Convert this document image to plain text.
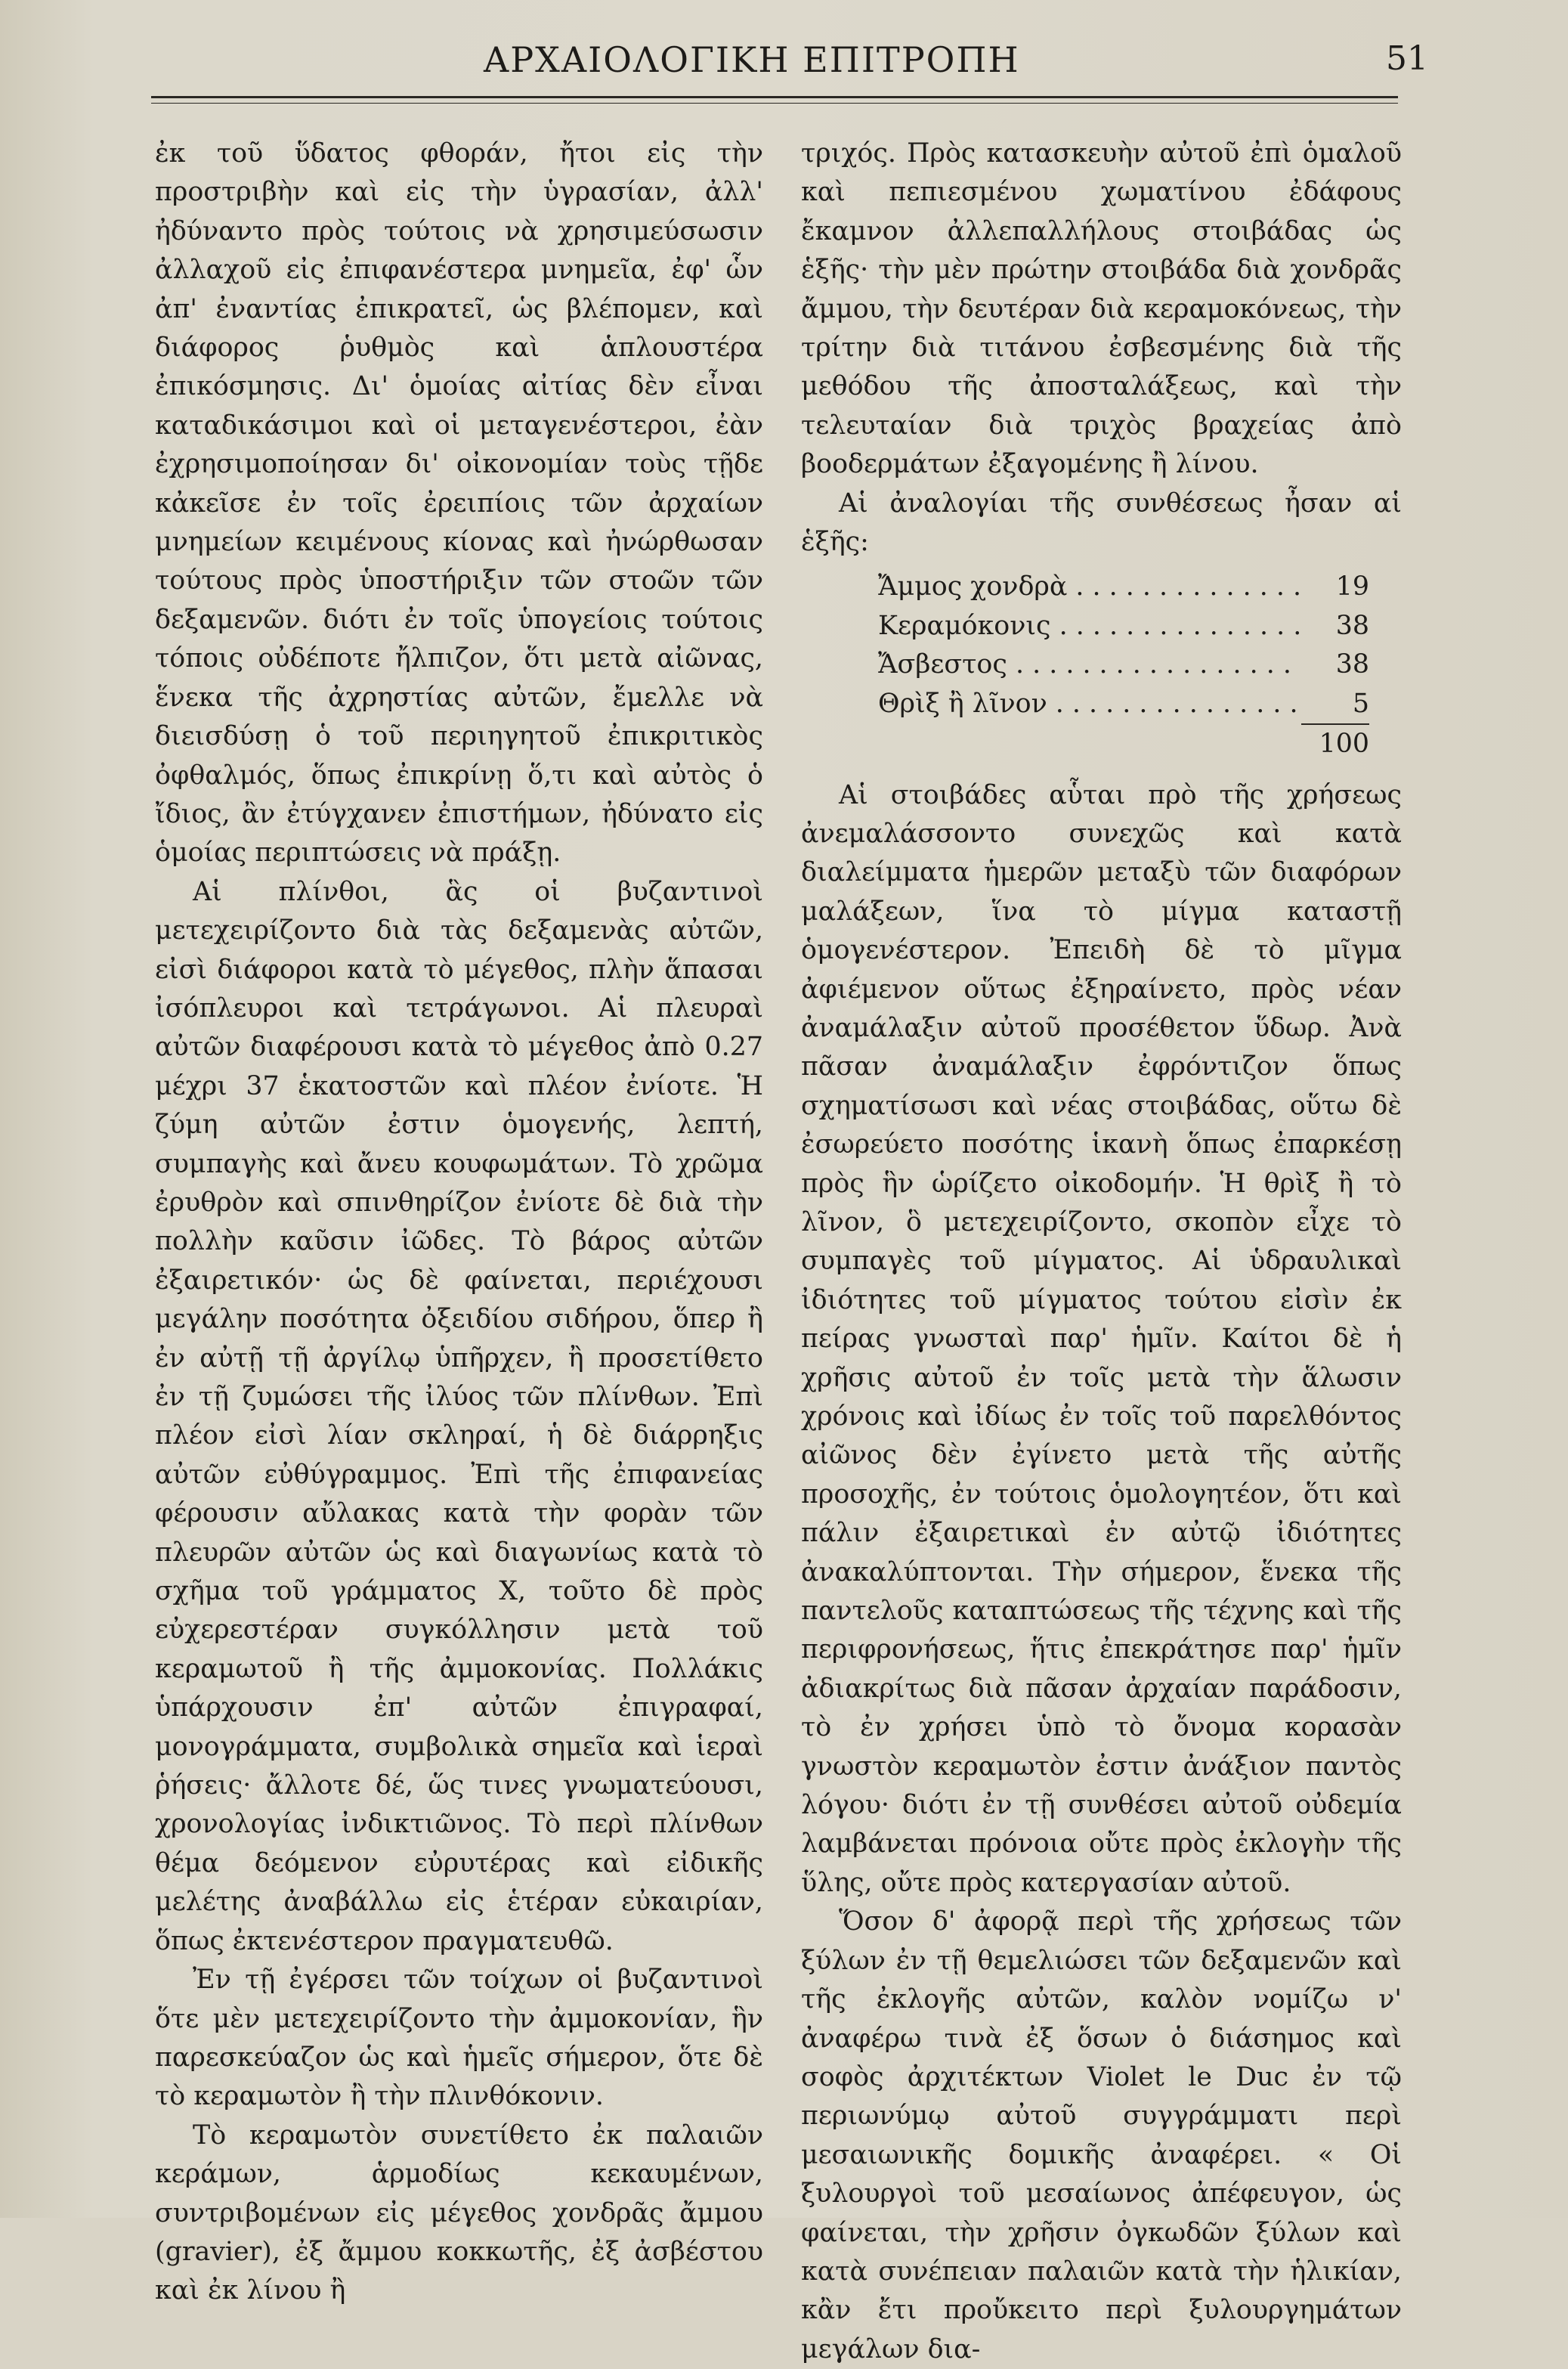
ΑΡΧΑΙΟΛΟΓΙΚΗ ΕΠΙΤΡΟΠΗ	51

ἐκ τοῦ ὕδατος φθοράν, ἤτοι εἰς τὴν προστριβὴν καὶ εἰς τὴν ὑγρασίαν, ἀλλ' ἠδύναντο πρὸς τούτοις νὰ χρησιμεύσωσιν ἀλλαχοῦ εἰς ἐπιφανέστερα μνημεῖα, ἐφ' ὧν ἀπ' ἐναντίας ἐπικρατεῖ, ὡς βλέπομεν, καὶ διάφορος ῥυθμὸς καὶ ἁπλουστέρα ἐπικόσμησις. Δι' ὁμοίας αἰτίας δὲν εἶναι καταδικάσιμοι καὶ οἱ μεταγενέστεροι, ἐὰν ἐχρησιμοποίησαν δι' οἰκονομίαν τοὺς τῇδε κἀκεῖσε ἐν τοῖς ἐρειπίοις τῶν ἀρχαίων μνημείων κειμένους κίονας καὶ ἠνώρθωσαν τούτους πρὸς ὑποστήριξιν τῶν στοῶν τῶν δεξαμενῶν. διότι ἐν τοῖς ὑπογείοις τούτοις τόποις οὐδέποτε ἤλπιζον, ὅτι μετὰ αἰῶνας, ἕνεκα τῆς ἀχρηστίας αὐτῶν, ἔμελλε νὰ διεισδύσῃ ὁ τοῦ περιηγητοῦ ἐπικριτικὸς ὀφθαλμός, ὅπως ἐπικρίνῃ ὅ,τι καὶ αὐτὸς ὁ ἴδιος, ἂν ἐτύγχανεν ἐπιστήμων, ἠδύνατο εἰς ὁμοίας περιπτώσεις νὰ πράξῃ.

Αἱ πλίνθοι, ἃς οἱ βυζαντινοὶ μετεχειρίζοντο διὰ τὰς δεξαμενὰς αὐτῶν, εἰσὶ διάφοροι κατὰ τὸ μέγεθος, πλὴν ἅπασαι ἰσόπλευροι καὶ τετράγωνοι. Αἱ πλευραὶ αὐτῶν διαφέρουσι κατὰ τὸ μέγεθος ἀπὸ 0.27 μέχρι 37 ἑκατοστῶν καὶ πλέον ἐνίοτε. Ἡ ζύμη αὐτῶν ἐστιν ὁμογενής, λεπτή, συμπαγὴς καὶ ἄνευ κουφωμάτων. Τὸ χρῶμα ἐρυθρὸν καὶ σπινθηρίζον ἐνίοτε δὲ διὰ τὴν πολλὴν καῦσιν ἰῶδες. Τὸ βάρος αὐτῶν ἐξαιρετικόν· ὡς δὲ φαίνεται, περιέχουσι μεγάλην ποσότητα ὀξειδίου σιδήρου, ὅπερ ἢ ἐν αὐτῇ τῇ ἀργίλῳ ὑπῆρχεν, ἢ προσετίθετο ἐν τῇ ζυμώσει τῆς ἰλύος τῶν πλίνθων. Ἐπὶ πλέον εἰσὶ λίαν σκληραί, ἡ δὲ διάρρηξις αὐτῶν εὐθύγραμμος. Ἐπὶ τῆς ἐπιφανείας φέρουσιν αὔλακας κατὰ τὴν φορὰν τῶν πλευρῶν αὐτῶν ὡς καὶ διαγωνίως κατὰ τὸ σχῆμα τοῦ γράμματος Χ, τοῦτο δὲ πρὸς εὐχερεστέραν συγκόλλησιν μετὰ τοῦ κεραμωτοῦ ἢ τῆς ἀμμοκονίας. Πολλάκις ὑπάρχουσιν ἐπ' αὐτῶν ἐπιγραφαί, μονογράμματα, συμβολικὰ σημεῖα καὶ ἱεραὶ ῥήσεις· ἄλλοτε δέ, ὥς τινες γνωματεύουσι, χρονολογίας ἰνδικτιῶνος. Τὸ περὶ πλίνθων θέμα δεόμενον εὐρυτέρας καὶ εἰδικῆς μελέτης ἀναβάλλω εἰς ἑτέραν εὐκαιρίαν, ὅπως ἐκτενέστερον πραγματευθῶ.

Ἐν τῇ ἐγέρσει τῶν τοίχων οἱ βυζαντινοὶ ὅτε μὲν μετεχειρίζοντο τὴν ἀμμοκονίαν, ἣν παρεσκεύαζον ὡς καὶ ἡμεῖς σήμερον, ὅτε δὲ τὸ κεραμωτὸν ἢ τὴν πλινθόκονιν.

Τὸ κεραμωτὸν συνετίθετο ἐκ παλαιῶν κεράμων, ἁρμοδίως κεκαυμένων, συντριβομένων εἰς μέγεθος χονδρᾶς ἄμμου (gravier), ἐξ ἄμμου κοκκωτῆς, ἐξ ἀσβέστου καὶ ἐκ λίνου ἢ

τριχός. Πρὸς κατασκευὴν αὐτοῦ ἐπὶ ὁμαλοῦ καὶ πεπιεσμένου χωματίνου ἐδάφους ἔκαμνον ἀλλεπαλλήλους στοιβάδας ὡς ἑξῆς· τὴν μὲν πρώτην στοιβάδα διὰ χονδρᾶς ἄμμου, τὴν δευτέραν διὰ κεραμοκόνεως, τὴν τρίτην διὰ τιτάνου ἐσβεσμένης διὰ τῆς μεθόδου τῆς ἀποσταλάξεως, καὶ τὴν τελευταίαν διὰ τριχὸς βραχείας ἀπὸ βοοδερμάτων ἐξαγομένης ἢ λίνου.

Αἱ ἀναλογίαι τῆς συνθέσεως ἦσαν αἱ ἑξῆς:

Ἄμμος χονδρὰ . . .	19
Κεραμόκονις . . .	38
Ἄσβεστος . . .	38
Θρὶξ ἢ λῖνον . . .	5
100

Αἱ στοιβάδες αὗται πρὸ τῆς χρήσεως ἀνεμαλάσσοντο συνεχῶς καὶ κατὰ διαλείμματα ἡμερῶν μεταξὺ τῶν διαφόρων μαλάξεων, ἵνα τὸ μίγμα καταστῇ ὁμογενέστερον. Ἐπειδὴ δὲ τὸ μῖγμα ἀφιέμενον οὕτως ἐξηραίνετο, πρὸς νέαν ἀναμάλαξιν αὐτοῦ προσέθετον ὕδωρ. Ἀνὰ πᾶσαν ἀναμάλαξιν ἐφρόντιζον ὅπως σχηματίσωσι καὶ νέας στοιβάδας, οὕτω δὲ ἐσωρεύετο ποσότης ἱκανὴ ὅπως ἐπαρκέσῃ πρὸς ἣν ὡρίζετο οἰκοδομήν. Ἡ θρὶξ ἢ τὸ λῖνον, ὃ μετεχειρίζοντο, σκοπὸν εἶχε τὸ συμπαγὲς τοῦ μίγματος. Αἱ ὑδραυλικαὶ ἰδιότητες τοῦ μίγματος τούτου εἰσὶν ἐκ πείρας γνωσταὶ παρ' ἡμῖν. Καίτοι δὲ ἡ χρῆσις αὐτοῦ ἐν τοῖς μετὰ τὴν ἅλωσιν χρόνοις καὶ ἰδίως ἐν τοῖς τοῦ παρελθόντος αἰῶνος δὲν ἐγίνετο μετὰ τῆς αὐτῆς προσοχῆς, ἐν τούτοις ὁμολογητέον, ὅτι καὶ πάλιν ἐξαιρετικαὶ ἐν αὐτῷ ἰδιότητες ἀνακαλύπτονται. Τὴν σήμερον, ἕνεκα τῆς παντελοῦς καταπτώσεως τῆς τέχνης καὶ τῆς περιφρονήσεως, ἥτις ἐπεκράτησε παρ' ἡμῖν ἀδιακρίτως διὰ πᾶσαν ἀρχαίαν παράδοσιν, τὸ ἐν χρήσει ὑπὸ τὸ ὄνομα κορασὰν γνωστὸν κεραμωτὸν ἐστιν ἀνάξιον παντὸς λόγου· διότι ἐν τῇ συνθέσει αὐτοῦ οὐδεμία λαμβάνεται πρόνοια οὔτε πρὸς ἐκλογὴν τῆς ὕλης, οὔτε πρὸς κατεργασίαν αὐτοῦ.

Ὅσον δ' ἀφορᾷ περὶ τῆς χρήσεως τῶν ξύλων ἐν τῇ θεμελιώσει τῶν δεξαμενῶν καὶ τῆς ἐκλογῆς αὐτῶν, καλὸν νομίζω ν' ἀναφέρω τινὰ ἐξ ὅσων ὁ διάσημος καὶ σοφὸς ἀρχιτέκτων Violet le Duc ἐν τῷ περιωνύμῳ αὐτοῦ συγγράμματι περὶ μεσαιωνικῆς δομικῆς ἀναφέρει. « Οἱ ξυλουργοὶ τοῦ μεσαίωνος ἀπέφευγον, ὡς φαίνεται, τὴν χρῆσιν ὀγκωδῶν ξύλων καὶ κατὰ συνέπειαν παλαιῶν κατὰ τὴν ἡλικίαν, κἂν ἔτι προὔκειτο περὶ ξυλουργημάτων μεγάλων δια-
